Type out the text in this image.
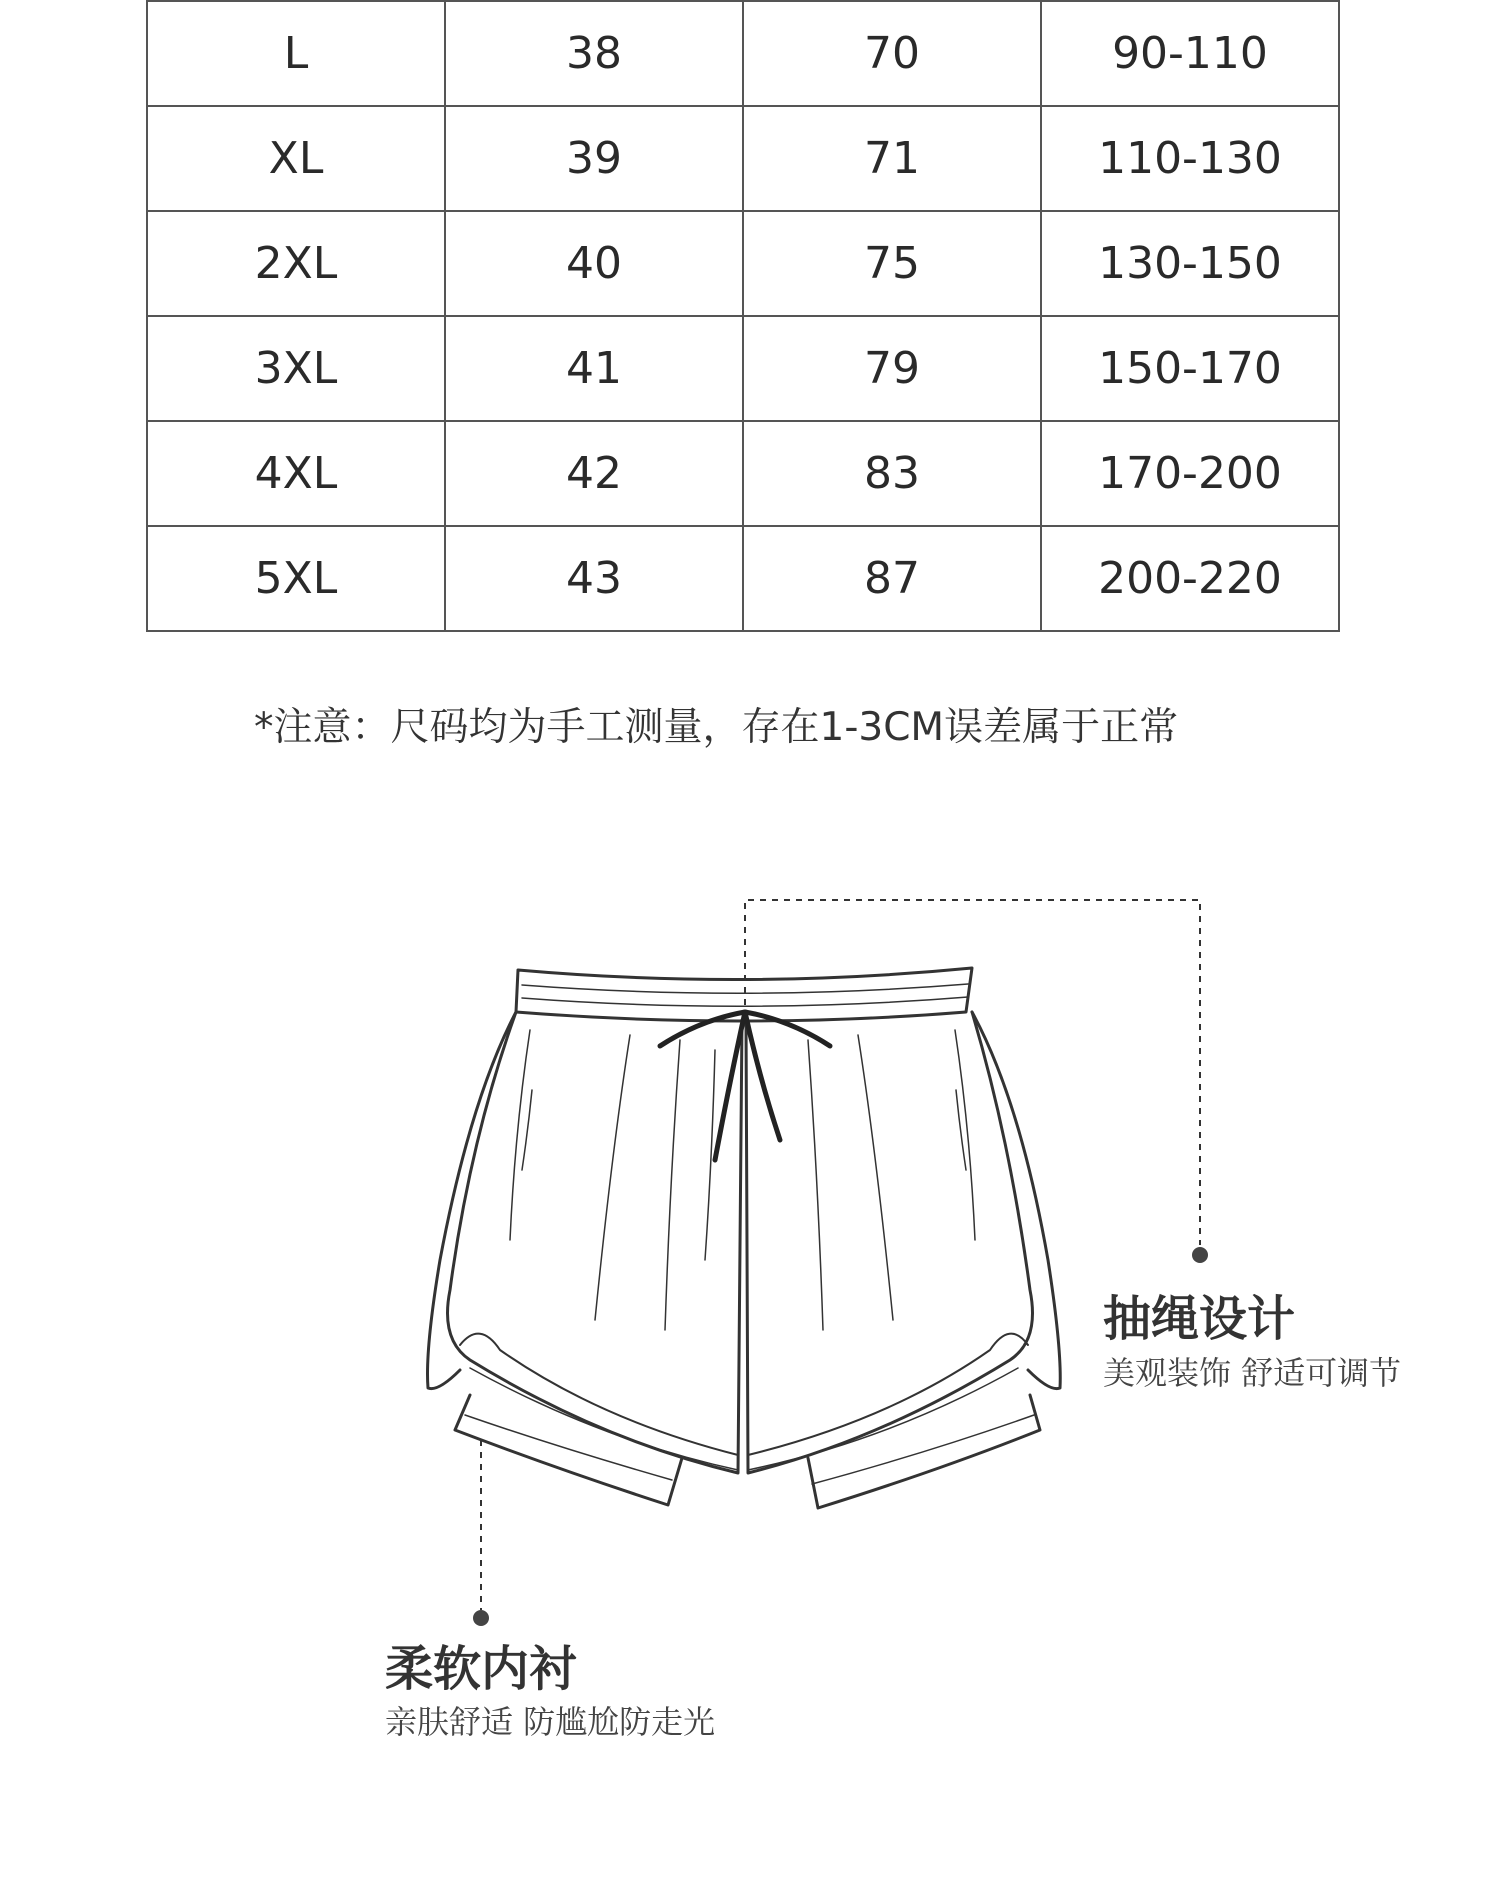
L	38	70	90-110
XL	39	71	110-130
2XL	40	75	130-150
3XL	41	79	150-170
4XL	42	83	170-200
5XL	43	87	200-220
*注意：尺码均为手工测量，存在1-3CM误差属于正常
抽绳设计
美观装饰 舒适可调节
柔软内衬
亲肤舒适 防尴尬防走光
